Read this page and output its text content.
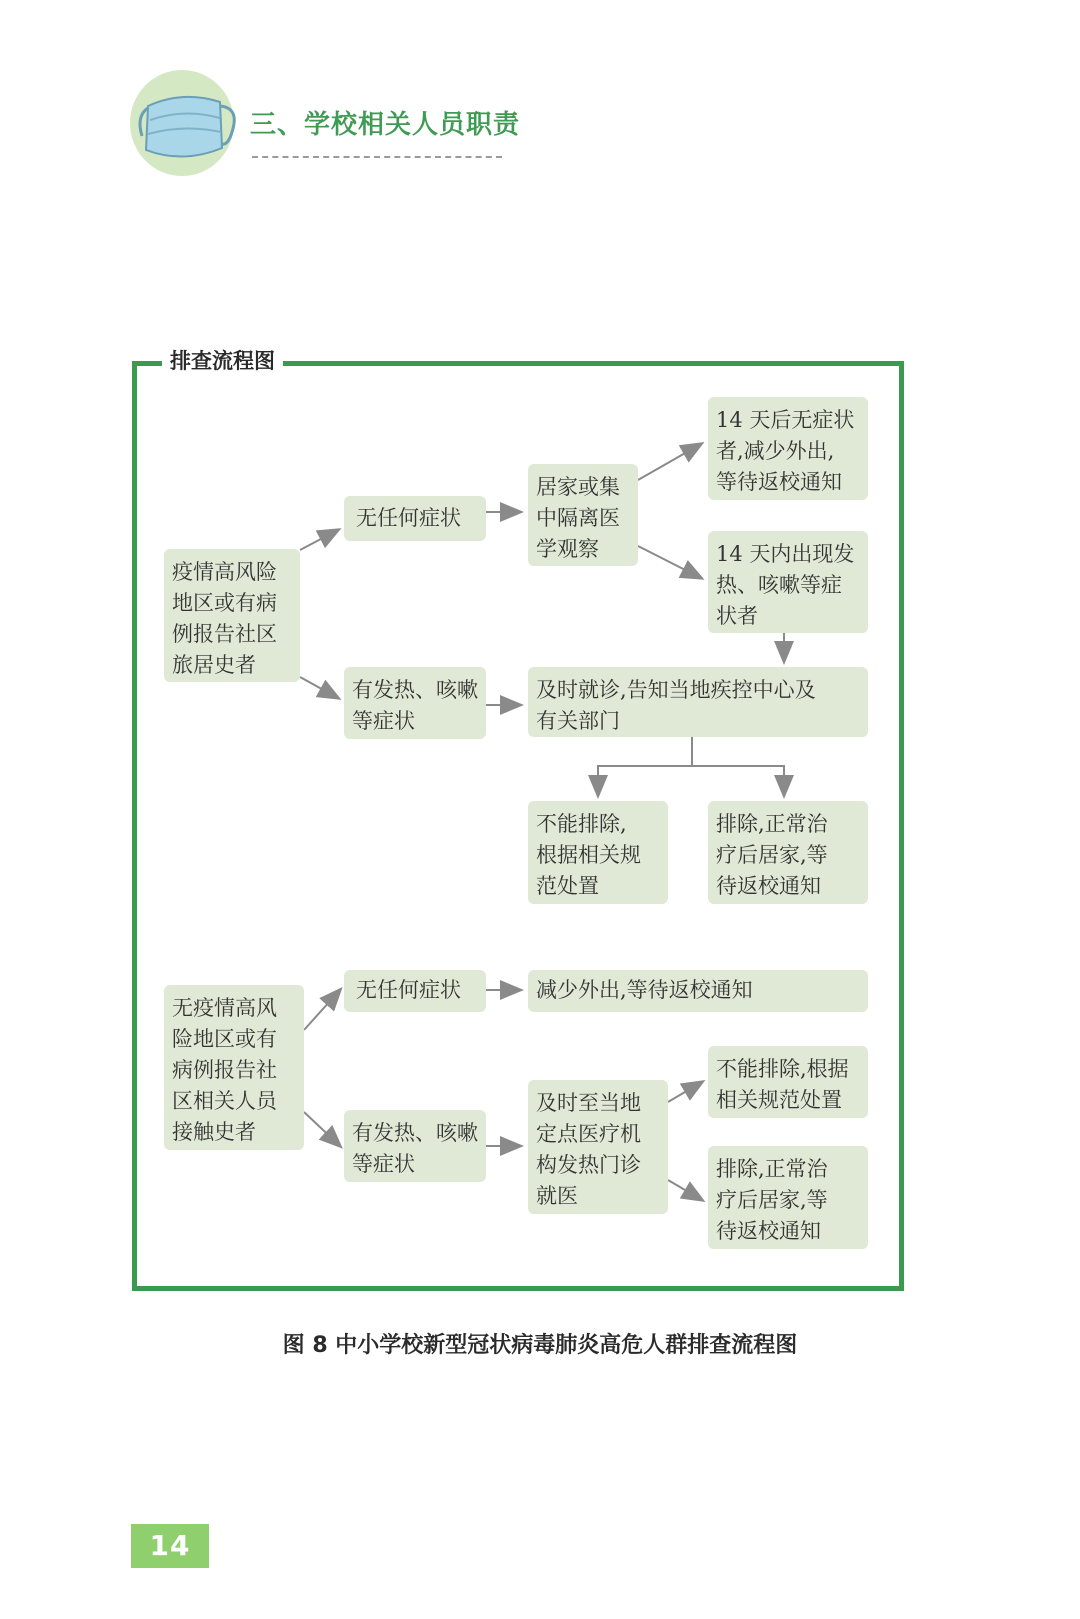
三、学校相关人员职责
排查流程图
疫情高风险
地区或有病
例报告社区
旅居史者
无任何症状
居家或集
中隔离医
学观察
14 天后无症状
者,减少外出,
等待返校通知
14 天内出现发
热、咳嗽等症
状者
有发热、咳嗽
等症状
及时就诊,告知当地疾控中心及
有关部门
不能排除,
根据相关规
范处置
排除,正常治
疗后居家,等
待返校通知
无疫情高风
险地区或有
病例报告社
区相关人员
接触史者
无任何症状	减少外出,等待返校通知
有发热、咳嗽
等症状
及时至当地
定点医疗机
构发热门诊
就医
不能排除,根据
相关规范处置
排除,正常治
疗后居家,等
待返校通知
图 8 中小学校新型冠状病毒肺炎高危人群排查流程图
14
